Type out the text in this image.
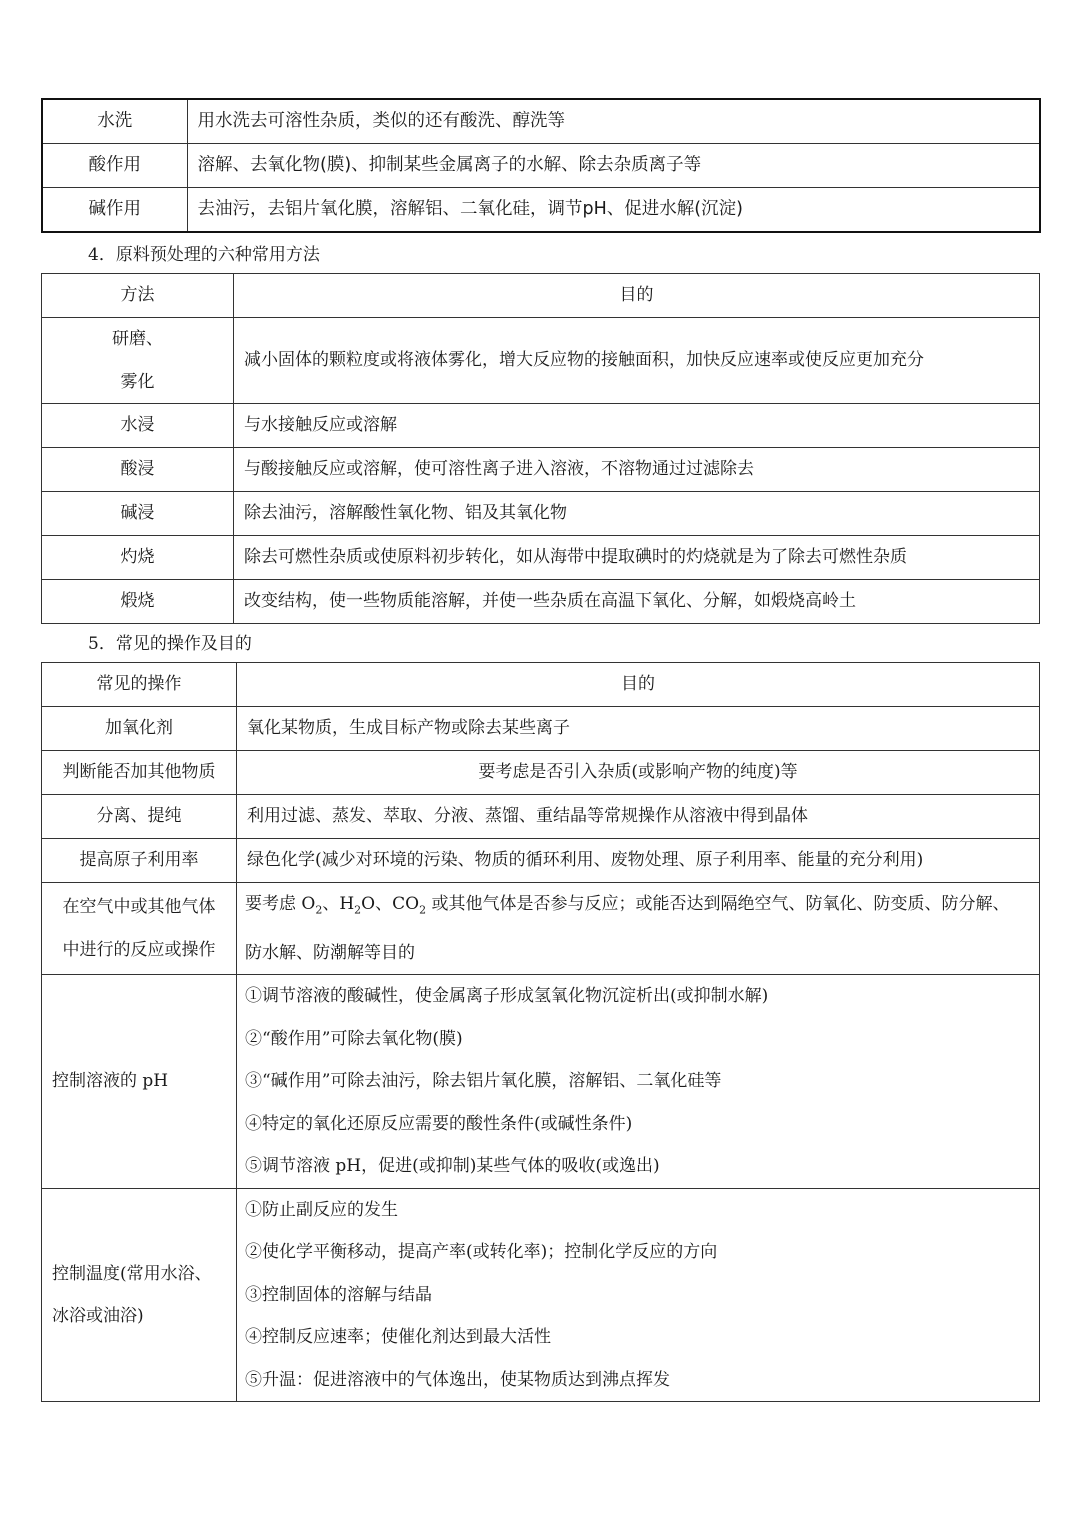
水洗	用水洗去可溶性杂质，类似的还有酸洗、醇洗等
酸作用	溶解、去氧化物(膜)、抑制某些金属离子的水解、除去杂质离子等
碱作用	去油污，去铝片氧化膜，溶解铝、二氧化硅，调节pH、促进水解(沉淀)
4．原料预处理的六种常用方法
方法	目的

研磨、
雾化	减小固体的颗粒度或将液体雾化，增大反应物的接触面积，加快反应速率或使反应更加充分
水浸	与水接触反应或溶解
酸浸	与酸接触反应或溶解，使可溶性离子进入溶液，不溶物通过过滤除去
碱浸	除去油污，溶解酸性氧化物、铝及其氧化物
灼烧	除去可燃性杂质或使原料初步转化，如从海带中提取碘时的灼烧就是为了除去可燃性杂质
煅烧	改变结构，使一些物质能溶解，并使一些杂质在高温下氧化、分解，如煅烧高岭土
5．常见的操作及目的
常见的操作	目的
加氧化剂	氧化某物质，生成目标产物或除去某些离子
判断能否加其他物质	要考虑是否引入杂质(或影响产物的纯度)等
分离、提纯	利用过滤、蒸发、萃取、分液、蒸馏、重结晶等常规操作从溶液中得到晶体
提高原子利用率	绿色化学(减少对环境的污染、物质的循环利用、废物处理、原子利用率、能量的充分利用)

在空气中或其他气体
中进行的反应或操作	要考虑 $O_2$、$H_2O$、$CO_2$ 或其他气体是否参与反应；或能否达到隔绝空气、防氧化、防变质、防分解、
防水解、防潮解等目的

控制溶液的 pH	①调节溶液的酸碱性，使金属离子形成氢氧化物沉淀析出(或抑制水解)
②“酸作用”可除去氧化物(膜)
③“碱作用”可除去油污，除去铝片氧化膜，溶解铝、二氧化硅等
④特定的氧化还原反应需要的酸性条件(或碱性条件)
⑤调节溶液 pH，促进(或抑制)某些气体的吸收(或逸出)

控制温度(常用水浴、
冰浴或油浴)	①防止副反应的发生
②使化学平衡移动，提高产率(或转化率)；控制化学反应的方向
③控制固体的溶解与结晶
④控制反应速率；使催化剂达到最大活性
⑤升温：促进溶液中的气体逸出，使某物质达到沸点挥发
